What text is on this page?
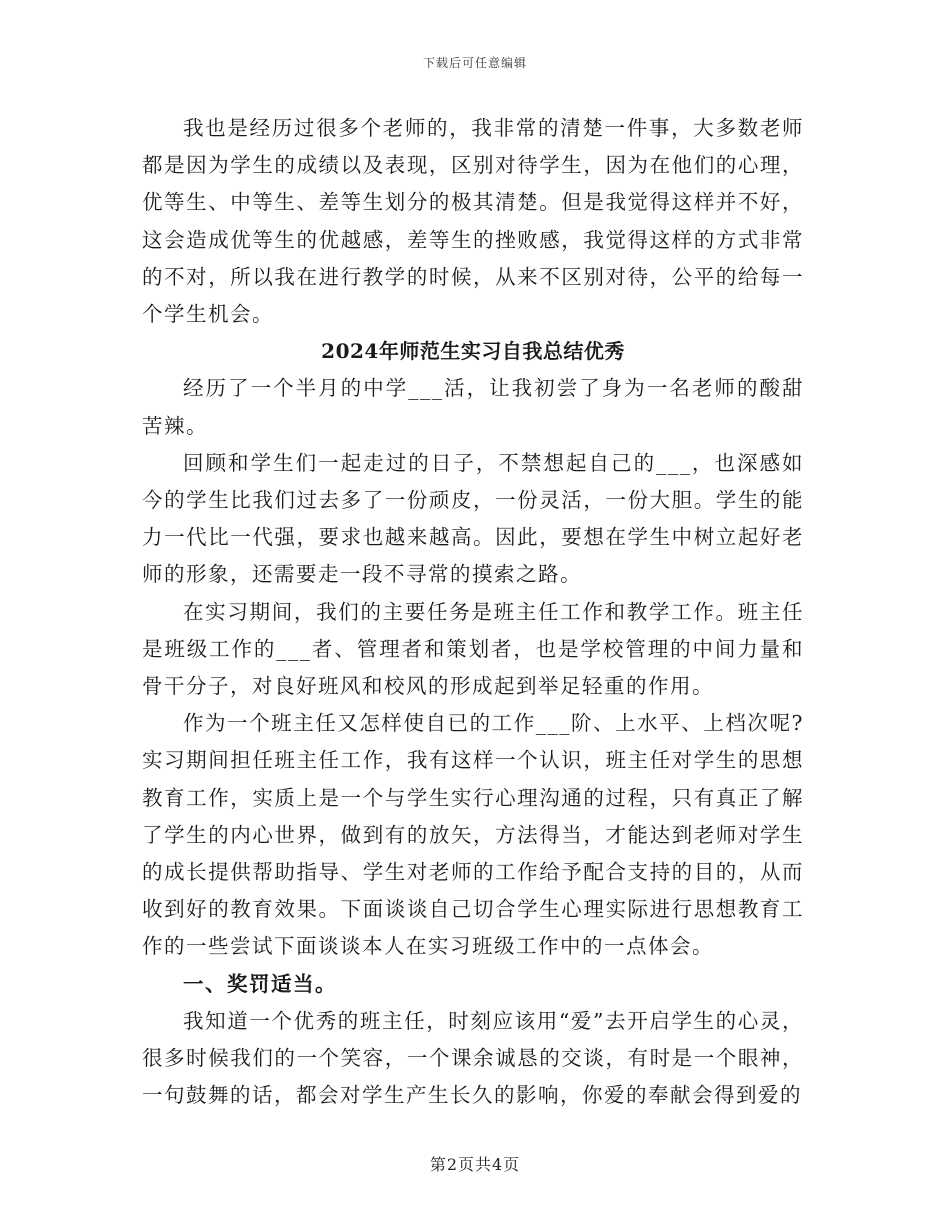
下载后可任意编辑

我也是经历过很多个老师的，我非常的清楚一件事，大多数老师都是因为学生的成绩以及表现，区别对待学生，因为在他们的心理，优等生、中等生、差等生划分的极其清楚。但是我觉得这样并不好，这会造成优等生的优越感，差等生的挫败感，我觉得这样的方式非常的不对，所以我在进行教学的时候，从来不区别对待，公平的给每一个学生机会。

2024年师范生实习自我总结优秀

经历了一个半月的中学___活，让我初尝了身为一名老师的酸甜苦辣。

回顾和学生们一起走过的日子，不禁想起自己的___，也深感如今的学生比我们过去多了一份顽皮，一份灵活，一份大胆。学生的能力一代比一代强，要求也越来越高。因此，要想在学生中树立起好老师的形象，还需要走一段不寻常的摸索之路。

在实习期间，我们的主要任务是班主任工作和教学工作。班主任是班级工作的___者、管理者和策划者，也是学校管理的中间力量和骨干分子，对良好班风和校风的形成起到举足轻重的作用。

作为一个班主任又怎样使自已的工作___阶、上水平、上档次呢?实习期间担任班主任工作，我有这样一个认识，班主任对学生的思想教育工作，实质上是一个与学生实行心理沟通的过程，只有真正了解了学生的内心世界，做到有的放矢，方法得当，才能达到老师对学生的成长提供帮助指导、学生对老师的工作给予配合支持的目的，从而收到好的教育效果。下面谈谈自己切合学生心理实际进行思想教育工作的一些尝试下面谈谈本人在实习班级工作中的一点体会。

一、奖罚适当。

我知道一个优秀的班主任，时刻应该用“爱”去开启学生的心灵，很多时候我们的一个笑容，一个课余诚恳的交谈，有时是一个眼神，一句鼓舞的话，都会对学生产生长久的影响，你爱的奉献会得到爱的

第2页共4页
